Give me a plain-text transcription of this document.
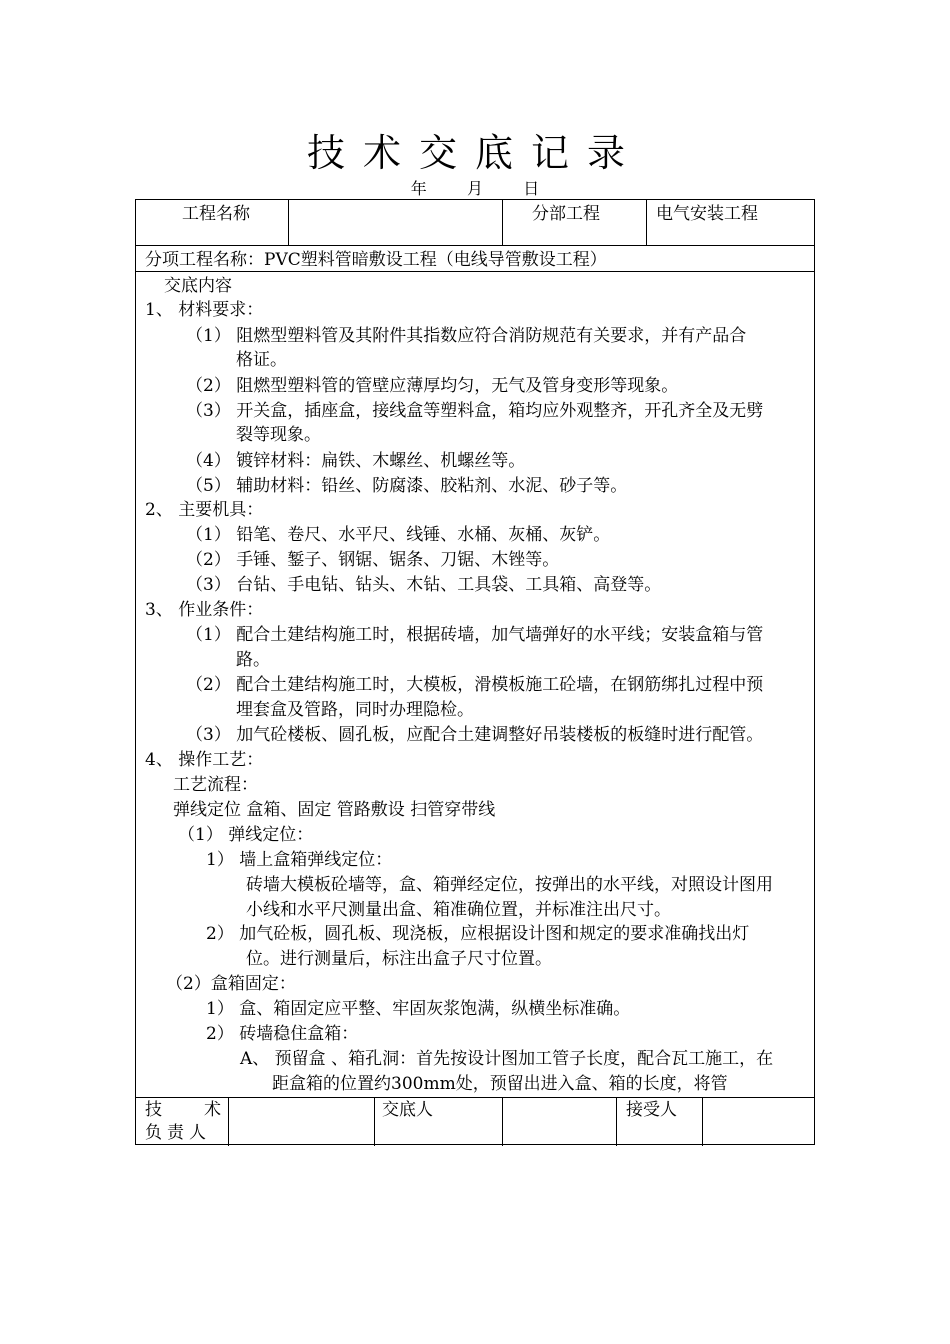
技术交底记录
年	月	日
工程名称	分部工程	电气安装工程
分项工程名称：PVC塑料管暗敷设工程（电线导管敷设工程）
交底内容
1、 材料要求：
（1） 阻燃型塑料管及其附件其指数应符合消防规范有关要求，并有产品合
格证。
（2） 阻燃型塑料管的管壁应薄厚均匀，无气及管身变形等现象。
（3） 开关盒，插座盒，接线盒等塑料盒，箱均应外观整齐，开孔齐全及无劈
裂等现象。
（4） 镀锌材料：扁铁、木螺丝、机螺丝等。
（5） 辅助材料：铅丝、防腐漆、胶粘剂、水泥、砂子等。
2、 主要机具：
（1） 铅笔、卷尺、水平尺、线锤、水桶、灰桶、灰铲。
（2） 手锤、錾子、钢锯、锯条、刀锯、木锉等。
（3） 台钻、手电钻、钻头、木钻、工具袋、工具箱、高登等。
3、 作业条件：
（1） 配合土建结构施工时，根据砖墙，加气墙弹好的水平线；安装盒箱与管
路。
（2） 配合土建结构施工时，大模板，滑模板施工砼墙，在钢筋绑扎过程中预
埋套盒及管路，同时办理隐检。
（3） 加气砼楼板、圆孔板，应配合土建调整好吊装楼板的板缝时进行配管。
4、 操作工艺：
工艺流程：
弹线定位 盒箱、固定 管路敷设 扫管穿带线
（1） 弹线定位：
1） 墙上盒箱弹线定位：
砖墙大模板砼墙等，盒、箱弹经定位，按弹出的水平线，对照设计图用
小线和水平尺测量出盒、箱准确位置，并标准注出尺寸。
2） 加气砼板，圆孔板、现浇板，应根据设计图和规定的要求准确找出灯
位。进行测量后，标注出盒子尺寸位置。
（2）盒箱固定：
1） 盒、箱固定应平整、牢固灰浆饱满，纵横坐标准确。
2） 砖墙稳住盒箱：
A、 预留盒 、箱孔洞：首先按设计图加工管子长度，配合瓦工施工，在
距盒箱的位置约300mm处，预留出进入盒、箱的长度，将管
技 术
负责人
交底人	接受人
